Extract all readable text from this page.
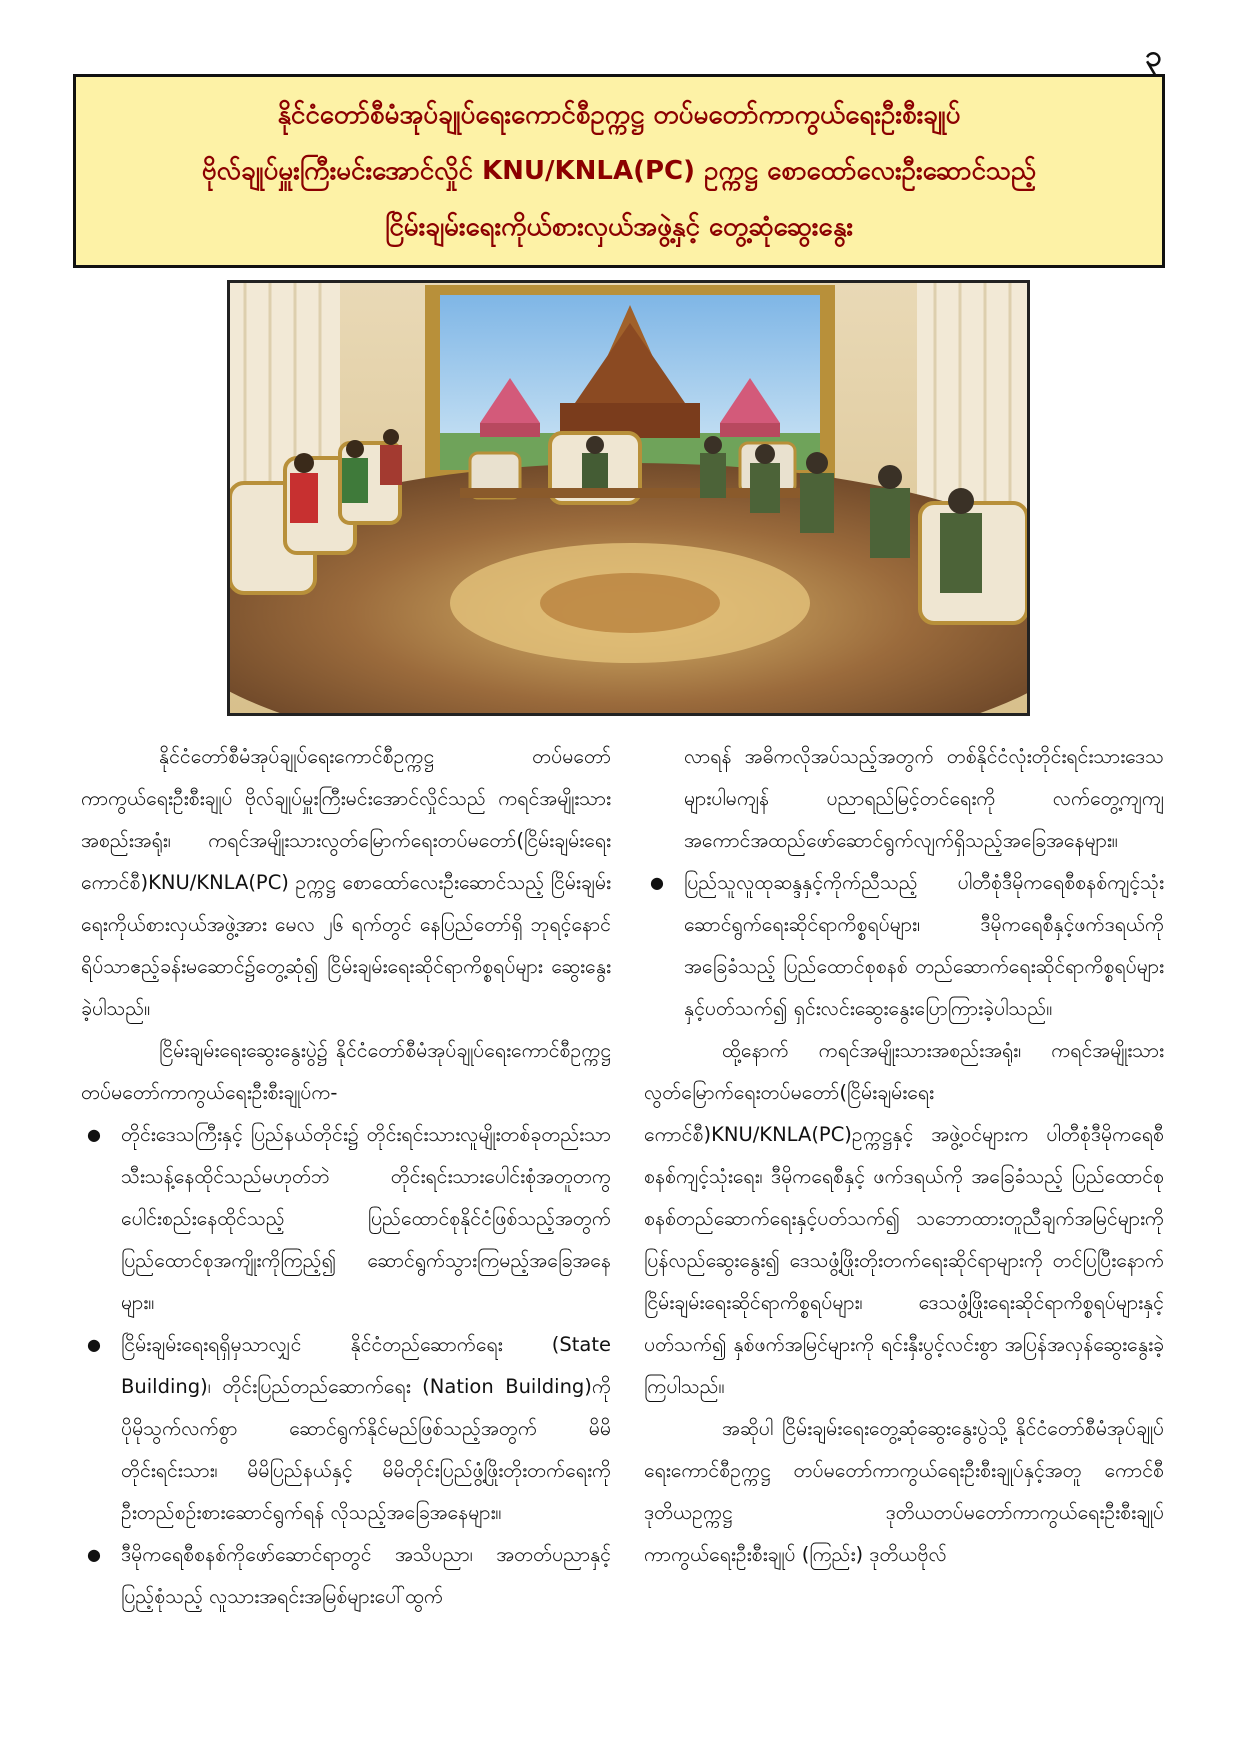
၃
နိုင်ငံတော်စီမံအုပ်ချုပ်ရေးကောင်စီဥက္ကဋ္ဌ တပ်မတော်ကာကွယ်ရေးဦးစီးချုပ်
ဗိုလ်ချုပ်မှူးကြီးမင်းအောင်လှိုင် KNU/KNLA(PC) ဥက္ကဋ္ဌ စောထော်လေးဦးဆောင်သည့်
ငြိမ်းချမ်းရေးကိုယ်စားလှယ်အဖွဲ့နှင့် တွေ့ဆုံဆွေးနွေး

နိုင်ငံတော်စီမံအုပ်ချုပ်ရေးကောင်စီဥက္ကဋ္ဌ တပ်မတော်ကာကွယ်ရေးဦးစီးချုပ် ဗိုလ်ချုပ်မှူးကြီးမင်းအောင်လှိုင်သည် ကရင်အမျိုးသားအစည်းအရုံး၊ ကရင်အမျိုးသားလွတ်မြောက်ရေးတပ်မတော်(ငြိမ်းချမ်းရေးကောင်စီ)KNU/KNLA(PC) ဥက္ကဋ္ဌ စောထော်လေးဦးဆောင်သည့် ငြိမ်းချမ်းရေးကိုယ်စားလှယ်အဖွဲ့အား မေလ ၂၆ ရက်တွင် နေပြည်တော်ရှိ ဘုရင့်နောင်ရိပ်သာဧည့်ခန်းမဆောင်၌တွေ့ဆုံ၍ ငြိမ်းချမ်းရေးဆိုင်ရာကိစ္စရပ်များ ဆွေးနွေးခဲ့ပါသည်။

ငြိမ်းချမ်းရေးဆွေးနွေးပွဲ၌ နိုင်ငံတော်စီမံအုပ်ချုပ်ရေးကောင်စီဥက္ကဋ္ဌ တပ်မတော်ကာကွယ်ရေးဦးစီးချုပ်က-

● တိုင်းဒေသကြီးနှင့် ပြည်နယ်တိုင်း၌ တိုင်းရင်းသားလူမျိုးတစ်ခုတည်းသာ သီးသန့်နေထိုင်သည်မဟုတ်ဘဲ တိုင်းရင်းသားပေါင်းစုံအတူတကွ ပေါင်းစည်းနေထိုင်သည့် ပြည်ထောင်စုနိုင်ငံဖြစ်သည့်အတွက် ပြည်ထောင်စုအကျိုးကိုကြည့်၍ ဆောင်ရွက်သွားကြမည့်အခြေအနေများ။
● ငြိမ်းချမ်းရေးရရှိမှသာလျှင် နိုင်ငံတည်ဆောက်ရေး (State Building)၊ တိုင်းပြည်တည်ဆောက်ရေး (Nation Building)ကို ပိုမိုသွက်လက်စွာ ဆောင်ရွက်နိုင်မည်ဖြစ်သည့်အတွက် မိမိတိုင်းရင်းသား၊ မိမိပြည်နယ်နှင့် မိမိတိုင်းပြည်ဖွံ့ဖြိုးတိုးတက်ရေးကို ဦးတည်စဉ်းစားဆောင်ရွက်ရန် လိုသည့်အခြေအနေများ။
● ဒီမိုကရေစီစနစ်ကိုဖော်ဆောင်ရာတွင် အသိပညာ၊ အတတ်ပညာနှင့် ပြည့်စုံသည့် လူသားအရင်းအမြစ်များပေါ်ထွက်

လာရန် အဓိကလိုအပ်သည့်အတွက် တစ်နိုင်ငံလုံးတိုင်းရင်းသားဒေသများပါမကျန် ပညာရည်မြင့်တင်ရေးကို လက်တွေ့ကျကျ အကောင်အထည်ဖော်ဆောင်ရွက်လျက်ရှိသည့်အခြေအနေများ။

● ပြည်သူလူထုဆန္ဒနှင့်ကိုက်ညီသည့် ပါတီစုံဒီမိုကရေစီစနစ်ကျင့်သုံးဆောင်ရွက်ရေးဆိုင်ရာကိစ္စရပ်များ၊ ဒီမိုကရေစီနှင့်ဖက်ဒရယ်ကို အခြေခံသည့် ပြည်ထောင်စုစနစ် တည်ဆောက်ရေးဆိုင်ရာကိစ္စရပ်များနှင့်ပတ်သက်၍ ရှင်းလင်းဆွေးနွေးပြောကြားခဲ့ပါသည်။

ထို့နောက် ကရင်အမျိုးသားအစည်းအရုံး၊ ကရင်အမျိုးသားလွတ်မြောက်ရေးတပ်မတော်(ငြိမ်းချမ်းရေးကောင်စီ)KNU/KNLA(PC)ဥက္ကဋ္ဌနှင့် အဖွဲ့ဝင်များက ပါတီစုံဒီမိုကရေစီစနစ်ကျင့်သုံးရေး၊ ဒီမိုကရေစီနှင့် ဖက်ဒရယ်ကို အခြေခံသည့် ပြည်ထောင်စုစနစ်တည်ဆောက်ရေးနှင့်ပတ်သက်၍ သဘောထားတူညီချက်အမြင်များကို ပြန်လည်ဆွေးနွေး၍ ဒေသဖွံ့ဖြိုးတိုးတက်ရေးဆိုင်ရာများကို တင်ပြပြီးနောက် ငြိမ်းချမ်းရေးဆိုင်ရာကိစ္စရပ်များ၊ ဒေသဖွံ့ဖြိုးရေးဆိုင်ရာကိစ္စရပ်များနှင့်ပတ်သက်၍ နှစ်ဖက်အမြင်များကို ရင်းနှီးပွင့်လင်းစွာ အပြန်အလှန်ဆွေးနွေးခဲ့ကြပါသည်။

အဆိုပါ ငြိမ်းချမ်းရေးတွေ့ဆုံဆွေးနွေးပွဲသို့ နိုင်ငံတော်စီမံအုပ်ချုပ်ရေးကောင်စီဥက္ကဋ္ဌ တပ်မတော်ကာကွယ်ရေးဦးစီးချုပ်နှင့်အတူ ကောင်စီဒုတိယဥက္ကဋ္ဌ ဒုတိယတပ်မတော်ကာကွယ်ရေးဦးစီးချုပ် ကာကွယ်ရေးဦးစီးချုပ် (ကြည်း) ဒုတိယဗိုလ်
